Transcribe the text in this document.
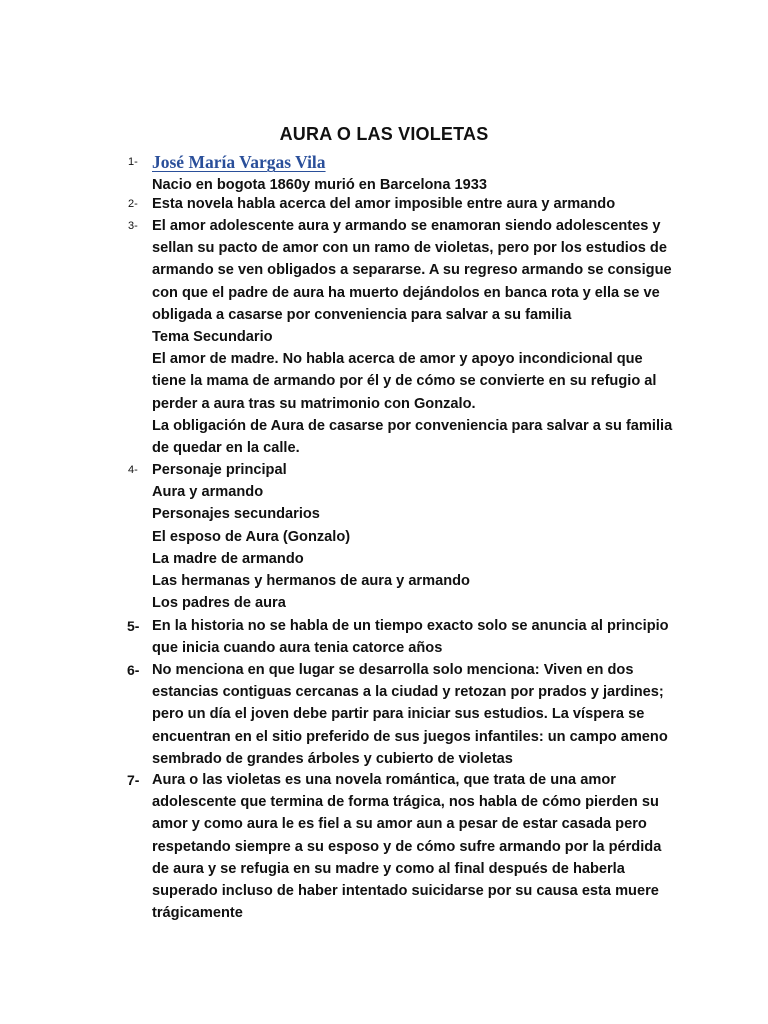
AURA O LAS VIOLETAS
1- José María Vargas Vila
Nacio en bogota 1860y murió en Barcelona 1933
2- Esta novela habla acerca del amor imposible entre aura y armando
3- El amor adolescente aura y armando se enamoran siendo adolescentes y
sellan su pacto de amor con un ramo de violetas, pero por los estudios de
armando se ven obligados a separarse. A su regreso armando se consigue
con que el padre de aura ha muerto dejándolos en banca rota y ella se ve
obligada a casarse por conveniencia para salvar a su familia
Tema Secundario
El amor de madre. No habla acerca de amor y apoyo incondicional que
tiene la mama de armando por él y de cómo se convierte en su refugio al
perder a aura tras su matrimonio con Gonzalo.
La obligación de Aura de casarse por conveniencia para salvar a su familia
de quedar en la calle.
4- Personaje principal
Aura y armando
Personajes secundarios
El esposo de Aura (Gonzalo)
La madre de armando
Las hermanas y hermanos de aura y armando
Los padres de aura
5- En la historia no se habla de un tiempo exacto solo se anuncia al principio
que inicia cuando aura tenia catorce años
6- No menciona en que lugar se desarrolla solo menciona: Viven en dos
estancias contiguas cercanas a la ciudad y retozan por prados y jardines;
pero un día el joven debe partir para iniciar sus estudios. La víspera se
encuentran en el sitio preferido de sus juegos infantiles: un campo ameno
sembrado de grandes árboles y cubierto de violetas
7- Aura o las violetas es una novela romántica, que trata de una amor
adolescente que termina de forma trágica, nos habla de cómo pierden su
amor y como aura le es fiel a su amor aun a pesar de estar casada pero
respetando siempre a su esposo y de cómo sufre armando por la pérdida
de aura y se refugia en su madre y como al final después de haberla
superado incluso de haber intentado suicidarse por su causa esta muere
trágicamente
